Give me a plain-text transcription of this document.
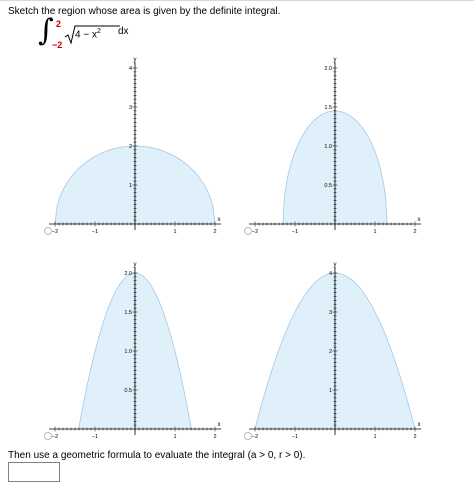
Sketch the region whose area is given by the definite integral.
∫ 2
−2
$4 - x^2$ dx
−2	−1	1	2
1
2
3
4
x
y
−2	−1	1	2
0.5
1.0
1.5
2.0
x
y
−2	−1	1	2
0.5
1.0
1.5
2.0
x
y
−2	−1	1	2
1
2
3
4
x
y
Then use a geometric formula to evaluate the integral (a > 0, r > 0).
